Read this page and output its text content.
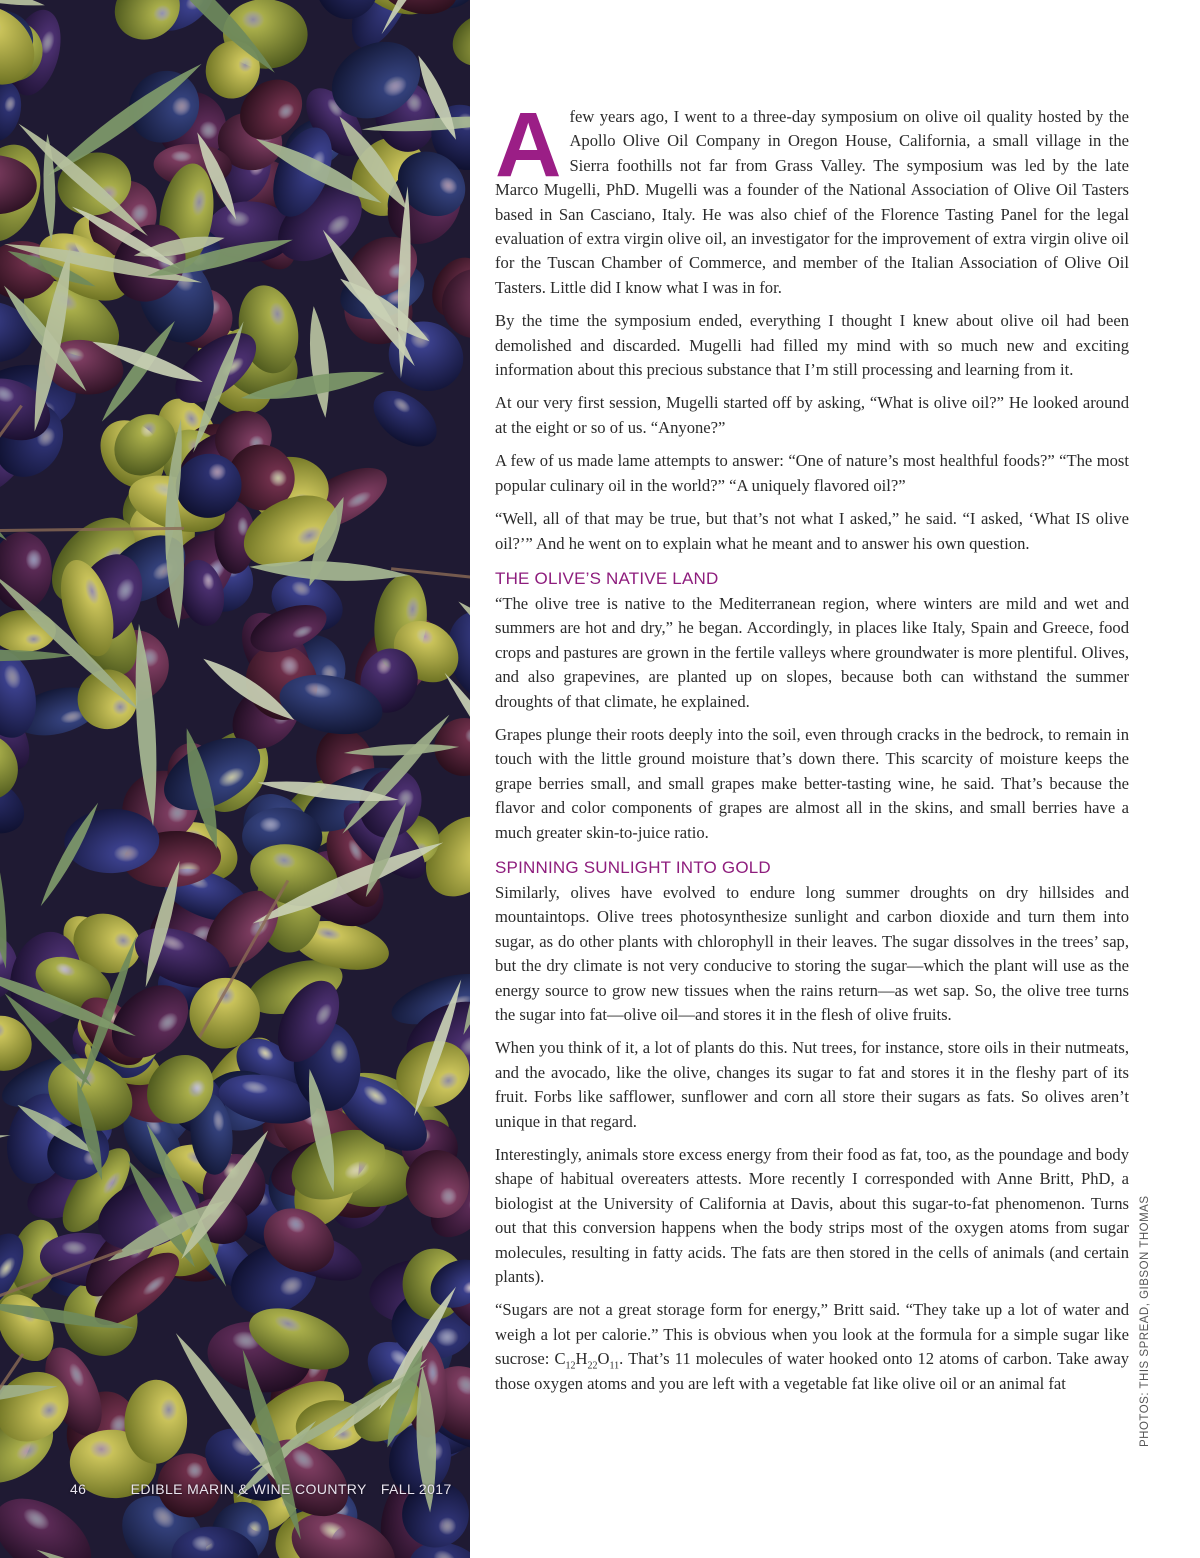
46	EDIBLE MARIN & WINE COUNTRY FALL 2017

Afew years ago, I went to a three-day symposium on olive oil quality hosted by the Apollo Olive Oil Company in Oregon House, California, a small village in the Sierra foothills not far from Grass Valley. The symposium was led by the late Marco Mugelli, PhD. Mugelli was a founder of the National Association of Olive Oil Tasters based in San Casciano, Italy. He was also chief of the Florence Tasting Panel for the legal evaluation of extra virgin olive oil, an investigator for the improvement of extra virgin olive oil for the Tuscan Chamber of Commerce, and member of the Italian Association of Olive Oil Tasters. Little did I know what I was in for.

By the time the symposium ended, everything I thought I knew about olive oil had been demolished and discarded. Mugelli had filled my mind with so much new and exciting information about this precious substance that I’m still processing and learning from it.

At our very first session, Mugelli started off by asking, “What is olive oil?” He looked around at the eight or so of us. “Anyone?”

A few of us made lame attempts to answer: “One of nature’s most healthful foods?” “The most popular culinary oil in the world?” “A uniquely flavored oil?”

“Well, all of that may be true, but that’s not what I asked,” he said. “I asked, ‘What IS olive oil?’” And he went on to explain what he meant and to answer his own question.

THE OLIVE’S NATIVE LAND

“The olive tree is native to the Mediterranean region, where winters are mild and wet and summers are hot and dry,” he began. Accordingly, in places like Italy, Spain and Greece, food crops and pastures are grown in the fertile valleys where groundwater is more plentiful. Olives, and also grapevines, are planted up on slopes, because both can withstand the summer droughts of that climate, he explained.

Grapes plunge their roots deeply into the soil, even through cracks in the bedrock, to remain in touch with the little ground moisture that’s down there. This scarcity of moisture keeps the grape berries small, and small grapes make better-tasting wine, he said. That’s because the flavor and color components of grapes are almost all in the skins, and small berries have a much greater skin-to-juice ratio.

SPINNING SUNLIGHT INTO GOLD

Similarly, olives have evolved to endure long summer droughts on dry hillsides and mountaintops. Olive trees photosynthesize sunlight and carbon dioxide and turn them into sugar, as do other plants with chlorophyll in their leaves. The sugar dissolves in the trees’ sap, but the dry climate is not very conducive to storing the sugar—which the plant will use as the energy source to grow new tissues when the rains return—as wet sap. So, the olive tree turns the sugar into fat—olive oil—and stores it in the flesh of olive fruits.

When you think of it, a lot of plants do this. Nut trees, for instance, store oils in their nutmeats, and the avocado, like the olive, changes its sugar to fat and stores it in the fleshy part of its fruit. Forbs like safflower, sunflower and corn all store their sugars as fats. So olives aren’t unique in that regard.

Interestingly, animals store excess energy from their food as fat, too, as the poundage and body shape of habitual overeaters attests. More recently I corresponded with Anne Britt, PhD, a biologist at the University of California at Davis, about this sugar-to-fat phenomenon. Turns out that this conversion happens when the body strips most of the oxygen atoms from sugar molecules, resulting in fatty acids. The fats are then stored in the cells of animals (and certain plants).

“Sugars are not a great storage form for energy,” Britt said. “They take up a lot of water and weigh a lot per calorie.” This is obvious when you look at the formula for a simple sugar like sucrose: $C_{12}H_{22}O_{11}$. That’s 11 molecules of water hooked onto 12 atoms of carbon. Take away those oxygen atoms and you are left with a vegetable fat like olive oil or an animal fat	PHOTOS: THIS SPREAD, GIBSON THOMAS
